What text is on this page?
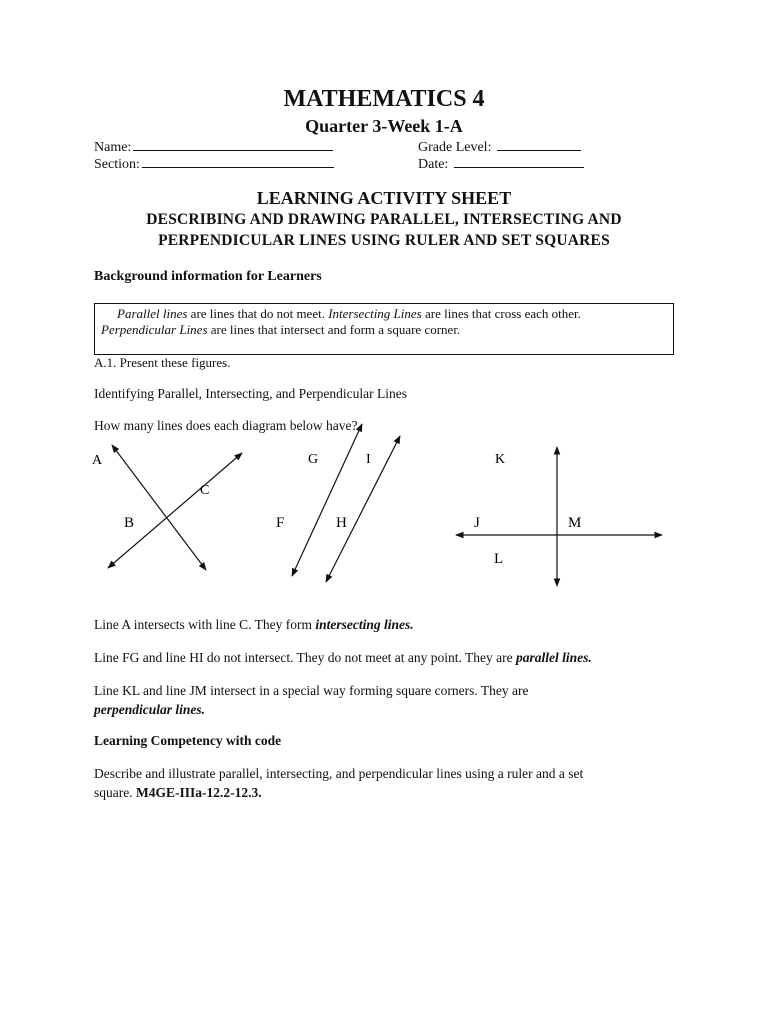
MATHEMATICS 4
Quarter 3-Week 1-A
Name:
Section:
Grade Level:
Date:
LEARNING ACTIVITY SHEET
DESCRIBING AND DRAWING PARALLEL, INTERSECTING AND
PERPENDICULAR LINES USING RULER AND SET SQUARES
Background information for Learners
Parallel lines are lines that do not meet. Intersecting Lines are lines that cross each other.
Perpendicular Lines are lines that intersect and form a square corner.
A.1. Present these figures.
Identifying Parallel, Intersecting, and Perpendicular Lines
How many lines does each diagram below have?
A
C
B
G	I
F	H
K
J	M
L
Line A intersects with line C. They form intersecting lines.
Line FG and line HI do not intersect. They do not meet at any point. They are parallel lines.
Line KL and line JM intersect in a special way forming square corners. They are
perpendicular lines.
Learning Competency with code
Describe and illustrate parallel, intersecting, and perpendicular lines using a ruler and a set
square. M4GE-IIIa-12.2-12.3.
